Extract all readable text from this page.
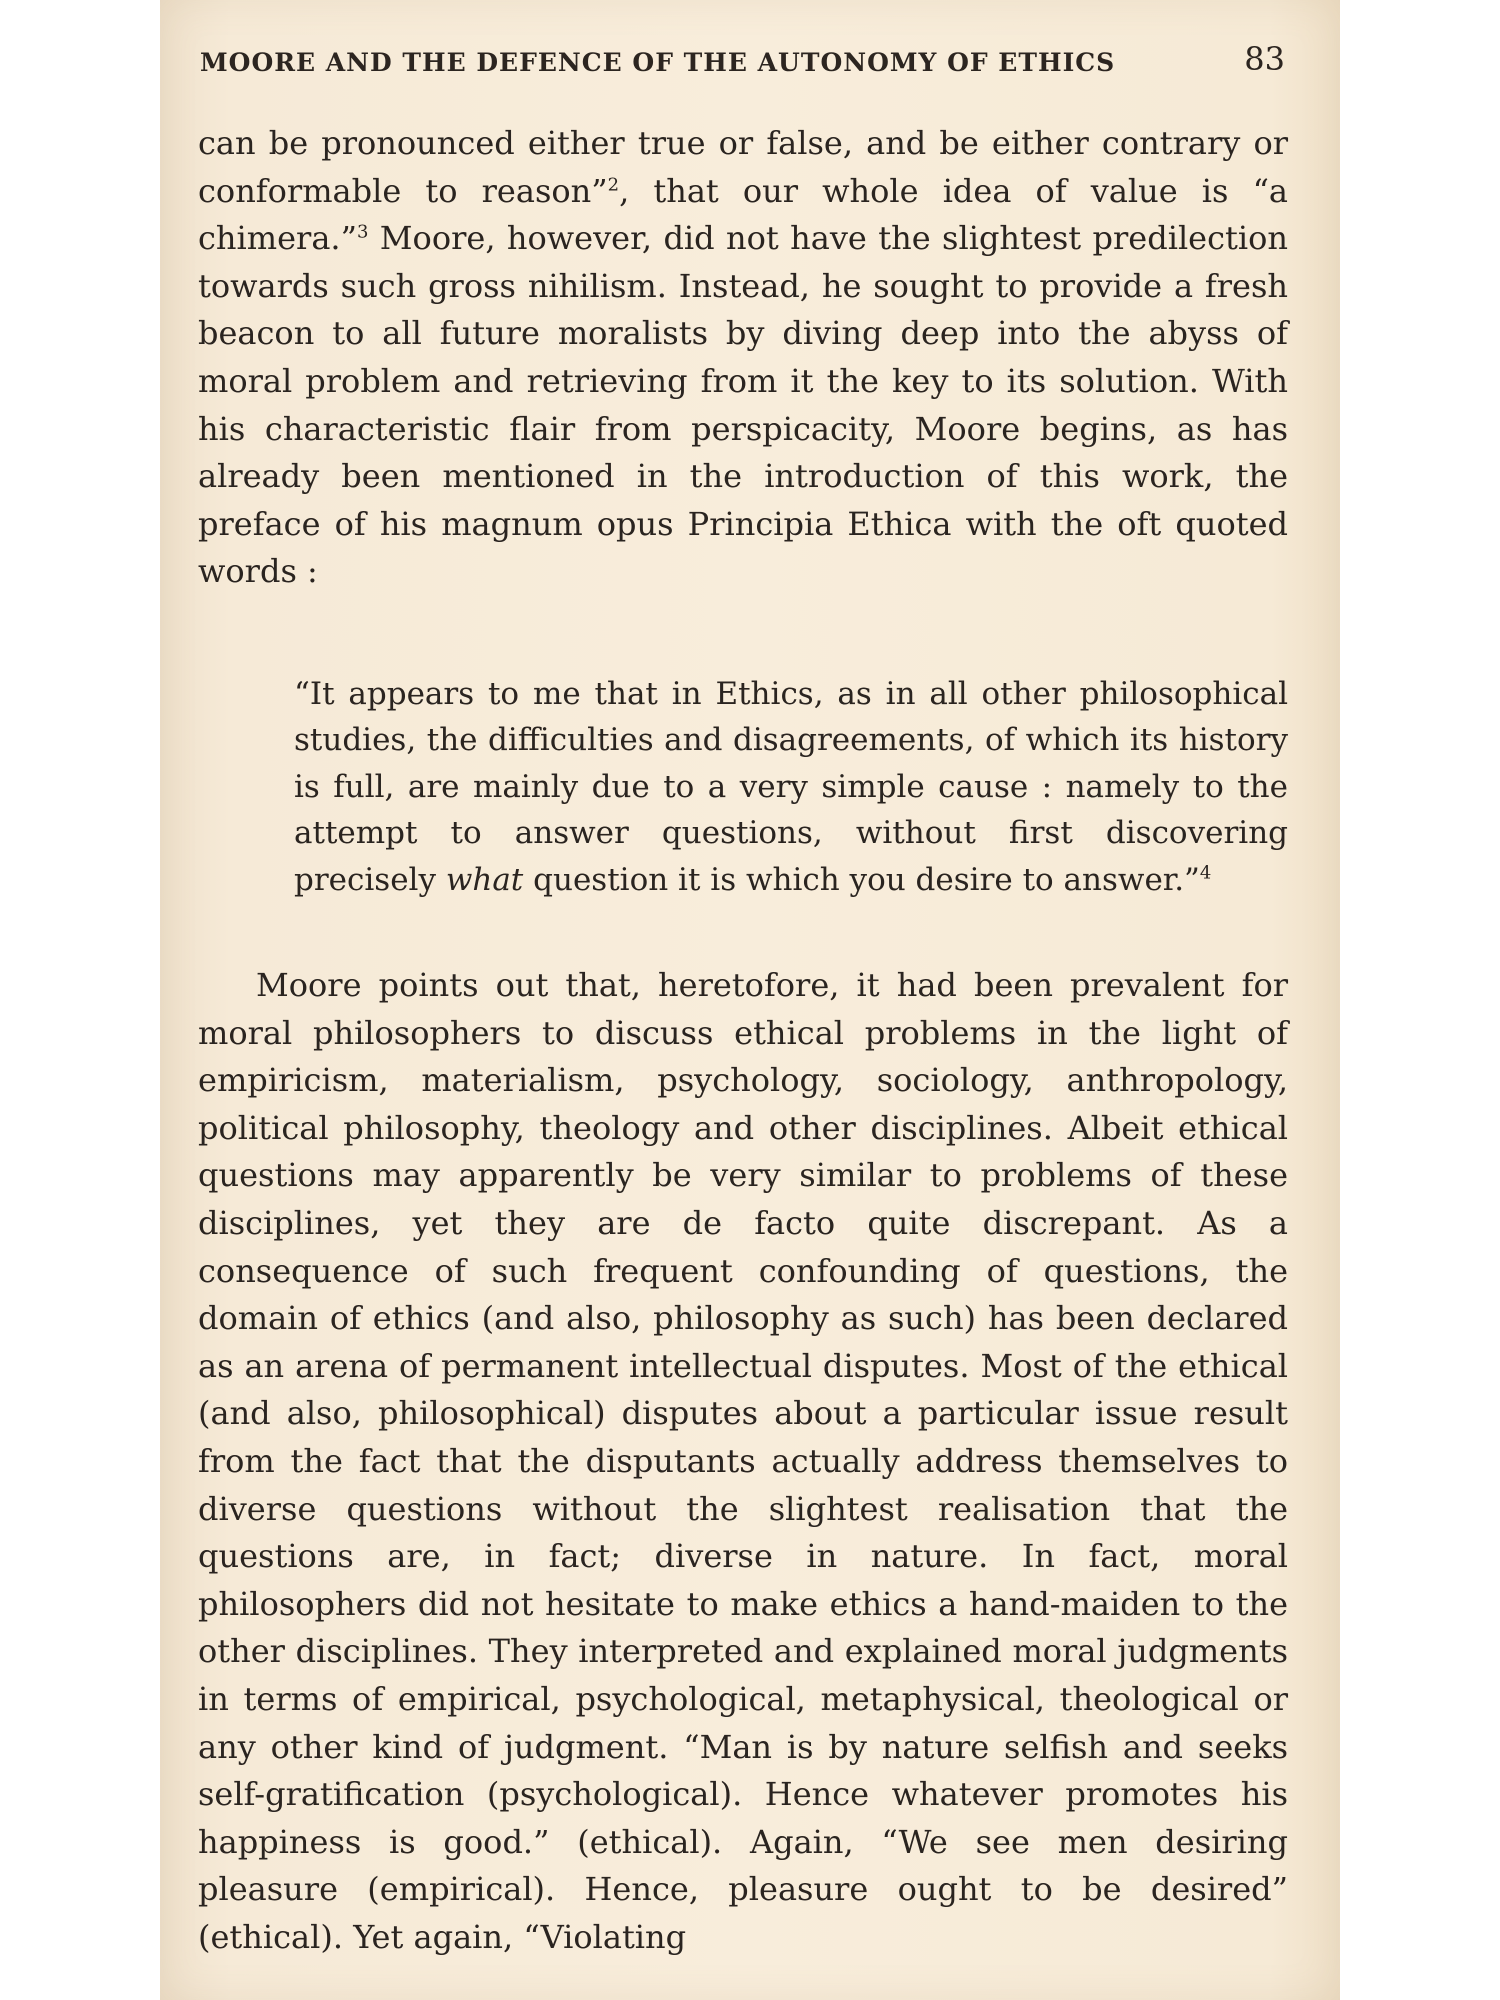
MOORE AND THE DEFENCE OF THE AUTONOMY OF ETHICS	83

can be pronounced either true or false, and be either contrary or conformable to reason”$^2$, that our whole idea of value is “a chimera.”$^3$ Moore, however, did not have the slightest predilection towards such gross nihilism. Instead, he sought to provide a fresh beacon to all future moralists by diving deep into the abyss of moral problem and retrieving from it the key to its solution. With his characteristic flair from perspicacity, Moore begins, as has already been mentioned in the introduction of this work, the preface of his magnum opus Principia Ethica with the oft quoted words :

“It appears to me that in Ethics, as in all other philosophical studies, the difficulties and disagreements, of which its history is full, are mainly due to a very simple cause : namely to the attempt to answer questions, without first discovering precisely what question it is which you desire to answer.”$^4$

Moore points out that, heretofore, it had been prevalent for moral philosophers to discuss ethical problems in the light of empiricism, materialism, psychology, sociology, anthropology, political philosophy, theology and other disciplines. Albeit ethical questions may apparently be very similar to problems of these disciplines, yet they are de facto quite discrepant. As a consequence of such frequent confounding of questions, the domain of ethics (and also, philosophy as such) has been declared as an arena of permanent intellectual disputes. Most of the ethical (and also, philosophical) disputes about a particular issue result from the fact that the disputants actually address themselves to diverse questions without the slightest realisation that the questions are, in fact; diverse in nature. In fact, moral philosophers did not hesitate to make ethics a hand-maiden to the other disciplines. They interpreted and explained moral judgments in terms of empirical, psychological, metaphysical, theological or any other kind of judgment. “Man is by nature selfish and seeks self-gratification (psychological). Hence whatever promotes his happiness is good.” (ethical). Again, “We see men desiring pleasure (empirical). Hence, pleasure ought to be desired” (ethical). Yet again, “Violating
